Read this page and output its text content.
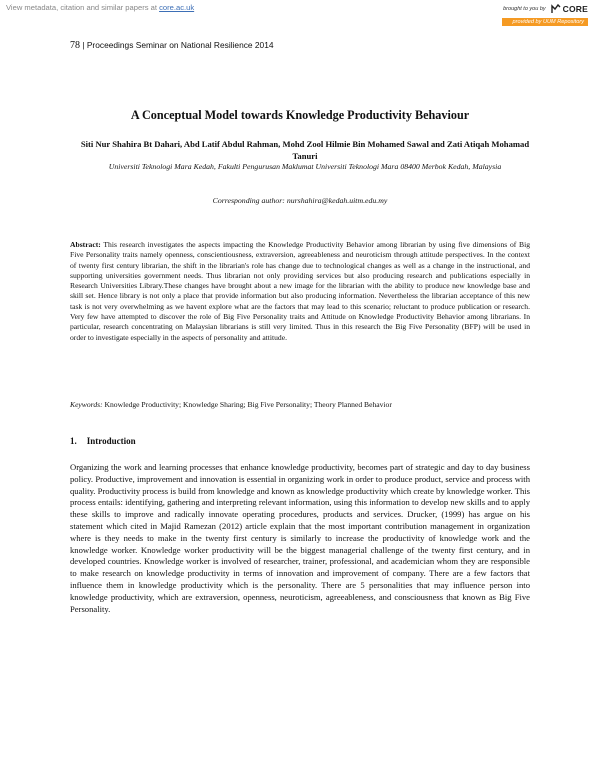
View metadata, citation and similar papers at core.ac.uk	brought to you by CORE
provided by UUM Repository
78 | Proceedings Seminar on National Resilience 2014
A Conceptual Model towards Knowledge Productivity Behaviour
Siti Nur Shahira Bt Dahari, Abd Latif Abdul Rahman, Mohd Zool Hilmie Bin Mohamed Sawal and Zati Atiqah Mohamad Tanuri
Universiti Teknologi Mara Kedah, Fakulti Pengurusan Maklumat Universiti Teknologi Mara 08400 Merbok Kedah, Malaysia
Corresponding author: nurshahira@kedah.uitm.edu.my
Abstract: This research investigates the aspects impacting the Knowledge Productivity Behavior among librarian by using five dimensions of Big Five Personality traits namely openness, conscientiousness, extraversion, agreeableness and neuroticism through attitude perspectives. In the context of twenty first century librarian, the shift in the librarian's role has change due to technological changes as well as a change in the instructional, and supporting universities government needs. Thus librarian not only providing services but also producing research and publications especially in Research Universities Library.These changes have brought about a new image for the librarian with the ability to produce new knowledge base and skill set. Hence library is not only a place that provide information but also producing information. Nevertheless the librarian acceptance of this new task is not very overwhelming as we havent explore what are the factors that may lead to this scenario; reluctant to produce publication or research. Very few have attempted to discover the role of Big Five Personality traits and Attitude on Knowledge Productivity Behavior among librarians. In particular, research concentrating on Malaysian librarians is still very limited. Thus in this research the Big Five Personality (BFP) will be used in order to investigate especially in the aspects of personality and attitude.
Keywords: Knowledge Productivity; Knowledge Sharing; Big Five Personality; Theory Planned Behavior
1. Introduction
Organizing the work and learning processes that enhance knowledge productivity, becomes part of strategic and day to day business policy. Productive, improvement and innovation is essential in organizing work in order to produce product, service and process with quality. Productivity process is build from knowledge and known as knowledge productivity which create by knowledge worker. This process entails: identifying, gathering and interpreting relevant information, using this information to develop new skills and to apply these skills to improve and radically innovate operating procedures, products and services. Drucker, (1999) has argue on his statement which cited in Majid Ramezan (2012) article explain that the most important contribution management in organization where is they needs to make in the twenty first century is similarly to increase the productivity of knowledge work and the knowledge worker. Knowledge worker productivity will be the biggest managerial challenge of the twenty first century, and in developed countries. Knowledge worker is involved of researcher, trainer, professional, and academician whom they are responsible to make research on knowledge productivity in terms of innovation and improvement of company. There are a few factors that influence them in knowledge productivity which is the personality. There are 5 personalities that may influence person into knowledge productivity, which are extraversion, openness, neuroticism, agreeableness, and consciousness that known as Big Five Personality.
